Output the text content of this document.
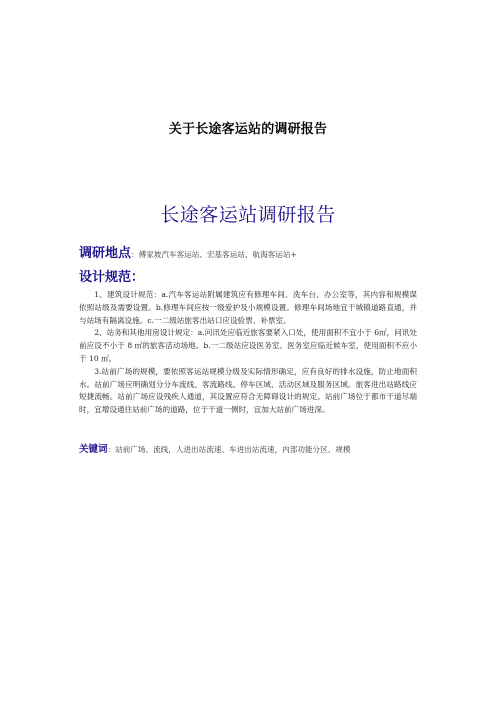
关于长途客运站的调研报告
长途客运站调研报告
调研地点：傅家坡汽车客运站、宏基客运站、航海客运站+
设计规范：

1、建筑设计规范：a.汽车客运站附属建筑应有修理车间、洗车台、办公室等，其内容和规模谋依照站级及需要设置。b.修理车间应按一级爱护及小规模设置。修理车间场地宜干城镇道路直通，并与站场有隔离设施。c.一二级站旅客出站口应设验票、补票室。

2、站务和其他用房设计规定：a.问讯处应临近旅客要紧入口处，使用面积不宜小于 6㎡，问讯处前应设不小于 8 ㎡的旅客活动场地。b.一二级站应设医务室。医务室应临近候车室，使用面积不应小于 10 ㎡。

3.站前广场的规模，要依照客运站规模分级及实际情形确定，应有良好的排水设施，防止地面积水。站前广场应明确划分分车流线、客流路线、停车区域、活动区域及服务区域。旅客进出站路线应短捷流畅。站前广场应设残疾人通道，其设置应符合无障碍设计的规定。站前广场位于都市干道尽端时，宜增设通往站前广场的道路，位于干道一侧时，宜加大站前广场进深。

关键词：站前广场、流线，人进出站流速、车进出站流速，内部功能分区、规模
